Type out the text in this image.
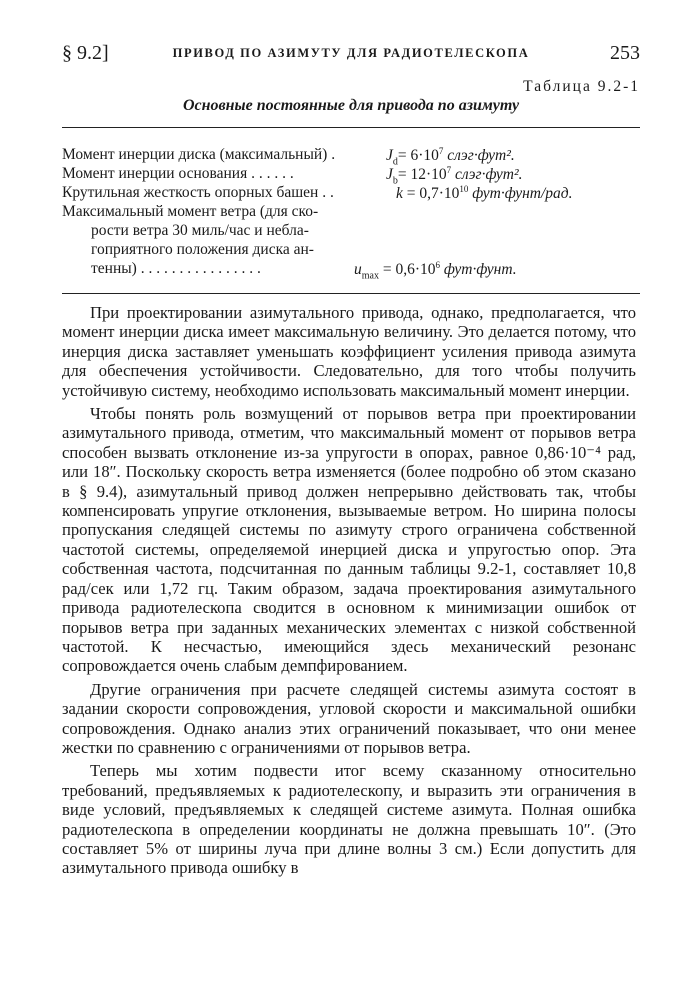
§ 9.2]	ПРИВОД ПО АЗИМУТУ ДЛЯ РАДИОТЕЛЕСКОПА	253
Таблица 9.2-1
Основные постоянные для привода по азимуту
Момент инерции диска (максимальный) .	$J_d= 6\cdot 10^7$ слэг·фут².
Момент инерции основания . . . . . .	$J_b= 12\cdot 10^7$ слэг·фут².
Крутильная жесткость опорных башен . .	$k = 0,7\cdot 10^{10}$ фут·фунт/рад.
Максимальный момент ветра (для ско-
рости ветра 30 миль/час и небла-
гоприятного положения диска ан-
тенны) . . . . . . . . . . . . . . . .	$u_{max} = 0,6\cdot 10^6$ фут·фунт.

При проектировании азимутального привода, однако, предполагается, что момент инерции диска имеет максимальную величину. Это делается потому, что инерция диска заставляет уменьшать коэффициент усиления привода азимута для обеспечения устойчивости. Следовательно, для того чтобы получить устойчивую систему, необходимо использовать максимальный момент инерции.

Чтобы понять роль возмущений от порывов ветра при проектировании азимутального привода, отметим, что максимальный момент от порывов ветра способен вызвать отклонение из-за упругости в опорах, равное 0,86·10⁻⁴ рад, или 18″. Поскольку скорость ветра изменяется (более подробно об этом сказано в § 9.4), азимутальный привод должен непрерывно действовать так, чтобы компенсировать упругие отклонения, вызываемые ветром. Но ширина полосы пропускания следящей системы по азимуту строго ограничена собственной частотой системы, определяемой инерцией диска и упругостью опор. Эта собственная частота, подсчитанная по данным таблицы 9.2-1, составляет 10,8 рад/сек или 1,72 гц. Таким образом, задача проектирования азимутального привода радиотелескопа сводится в основном к минимизации ошибок от порывов ветра при заданных механических элементах с низкой собственной частотой. К несчастью, имеющийся здесь механический резонанс сопровождается очень слабым демпфированием.

Другие ограничения при расчете следящей системы азимута состоят в задании скорости сопровождения, угловой скорости и максимальной ошибки сопровождения. Однако анализ этих ограничений показывает, что они менее жестки по сравнению с ограничениями от порывов ветра.

Теперь мы хотим подвести итог всему сказанному относительно требований, предъявляемых к радиотелескопу, и выразить эти ограничения в виде условий, предъявляемых к следящей системе азимута. Полная ошибка радиотелескопа в определении координаты не должна превышать 10″. (Это составляет 5% от ширины луча при длине волны 3 см.) Если допустить для азимутального привода ошибку в
